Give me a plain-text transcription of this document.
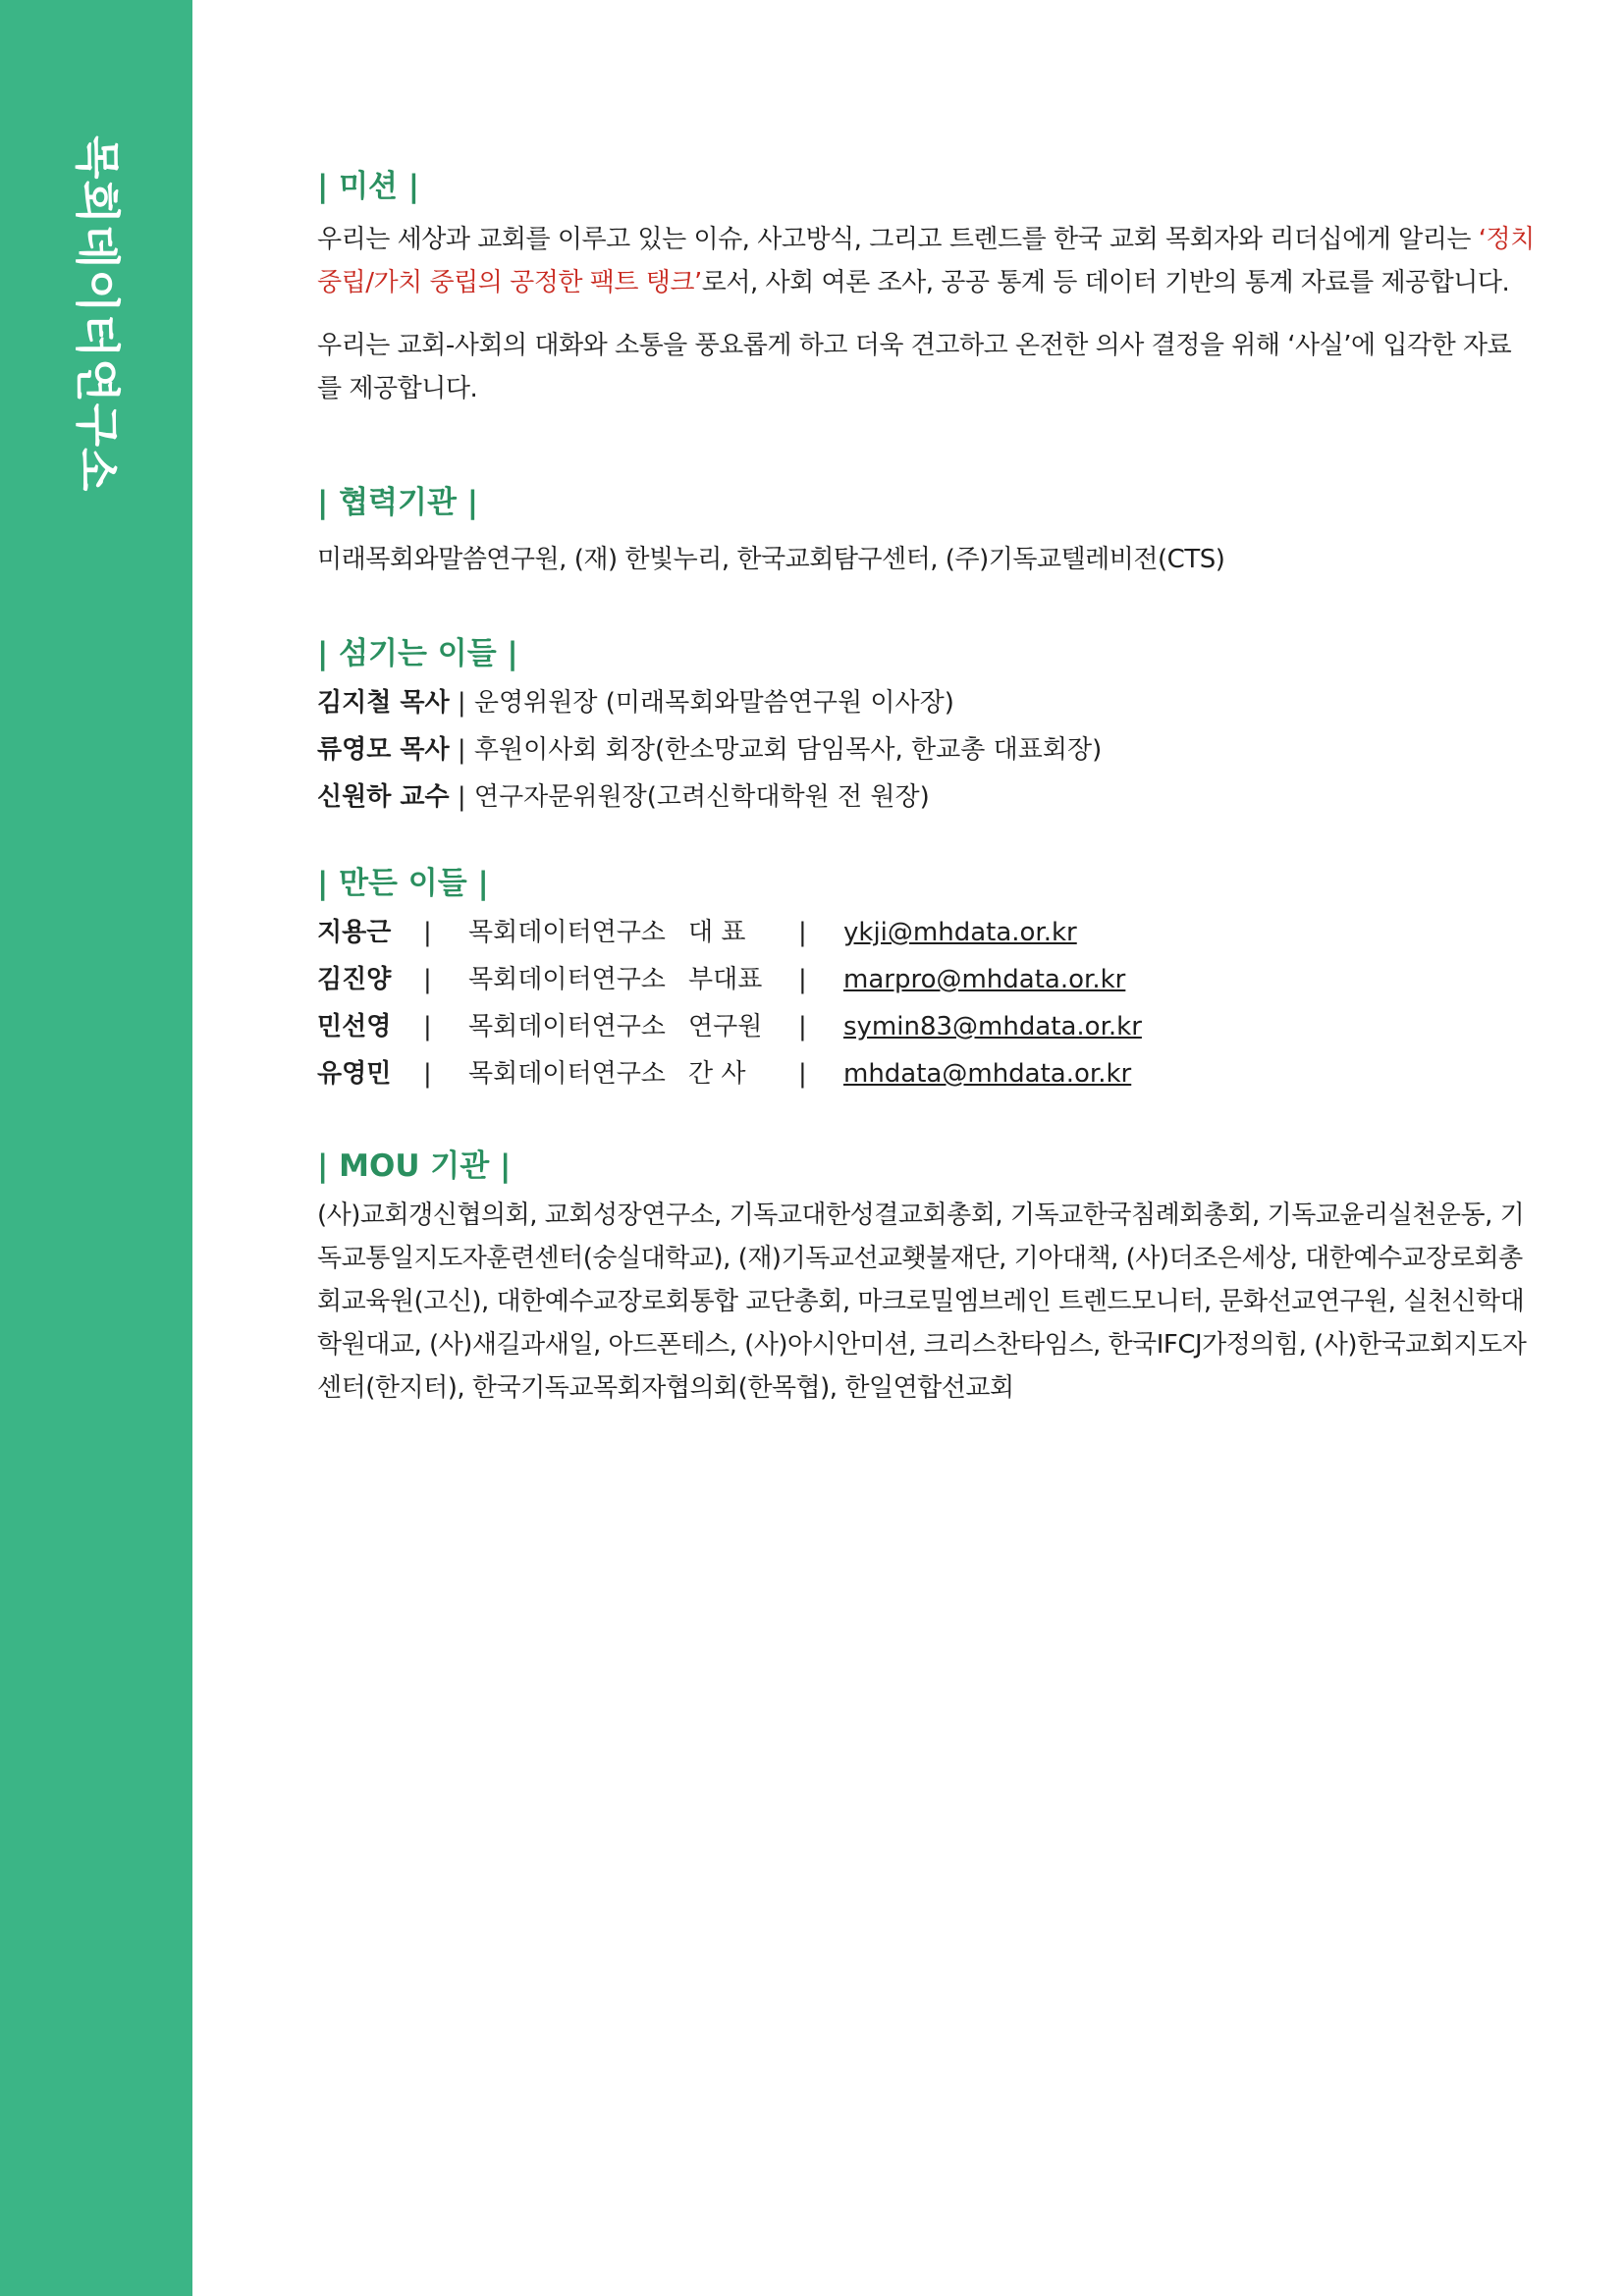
목회데이터연구소	| 미션 |

우리는 세상과 교회를 이루고 있는 이슈, 사고방식, 그리고 트렌드를 한국 교회 목회자와 리더십에게 알리는 ‘정치 중립/가치 중립의 공정한 팩트 탱크’로서, 사회 여론 조사, 공공 통계 등 데이터 기반의 통계 자료를 제공합니다.

우리는 교회-사회의 대화와 소통을 풍요롭게 하고 더욱 견고하고 온전한 의사 결정을 위해 ‘사실’에 입각한 자료를 제공합니다.

| 협력기관 |

미래목회와말씀연구원, (재) 한빛누리, 한국교회탐구센터, (주)기독교텔레비전(CTS)

| 섬기는 이들 |
김지철 목사 | 운영위원장 (미래목회와말씀연구원 이사장)
류영모 목사 | 후원이사회 회장(한소망교회 담임목사, 한교총 대표회장)
신원하 교수 | 연구자문위원장(고려신학대학원 전 원장)
| 만든 이들 |
지용근	|	목회데이터연구소 대 표	|	ykji@mhdata.or.kr
김진양	|	목회데이터연구소 부대표	|	marpro@mhdata.or.kr
민선영	|	목회데이터연구소 연구원	|	symin83@mhdata.or.kr
유영민	|	목회데이터연구소 간 사	|	mhdata@mhdata.or.kr
| MOU 기관 |

(사)교회갱신협의회, 교회성장연구소, 기독교대한성결교회총회, 기독교한국침례회총회, 기독교윤리실천운동, 기독교통일지도자훈련센터(숭실대학교), (재)기독교선교횃불재단, 기아대책, (사)더조은세상, 대한예수교장로회총회교육원(고신), 대한예수교장로회통합 교단총회, 마크로밀엠브레인 트렌드모니터, 문화선교연구원, 실천신학대학원대교, (사)새길과새일, 아드폰테스, (사)아시안미션, 크리스찬타임스, 한국IFCJ가정의힘, (사)한국교회지도자센터(한지터), 한국기독교목회자협의회(한목협), 한일연합선교회
